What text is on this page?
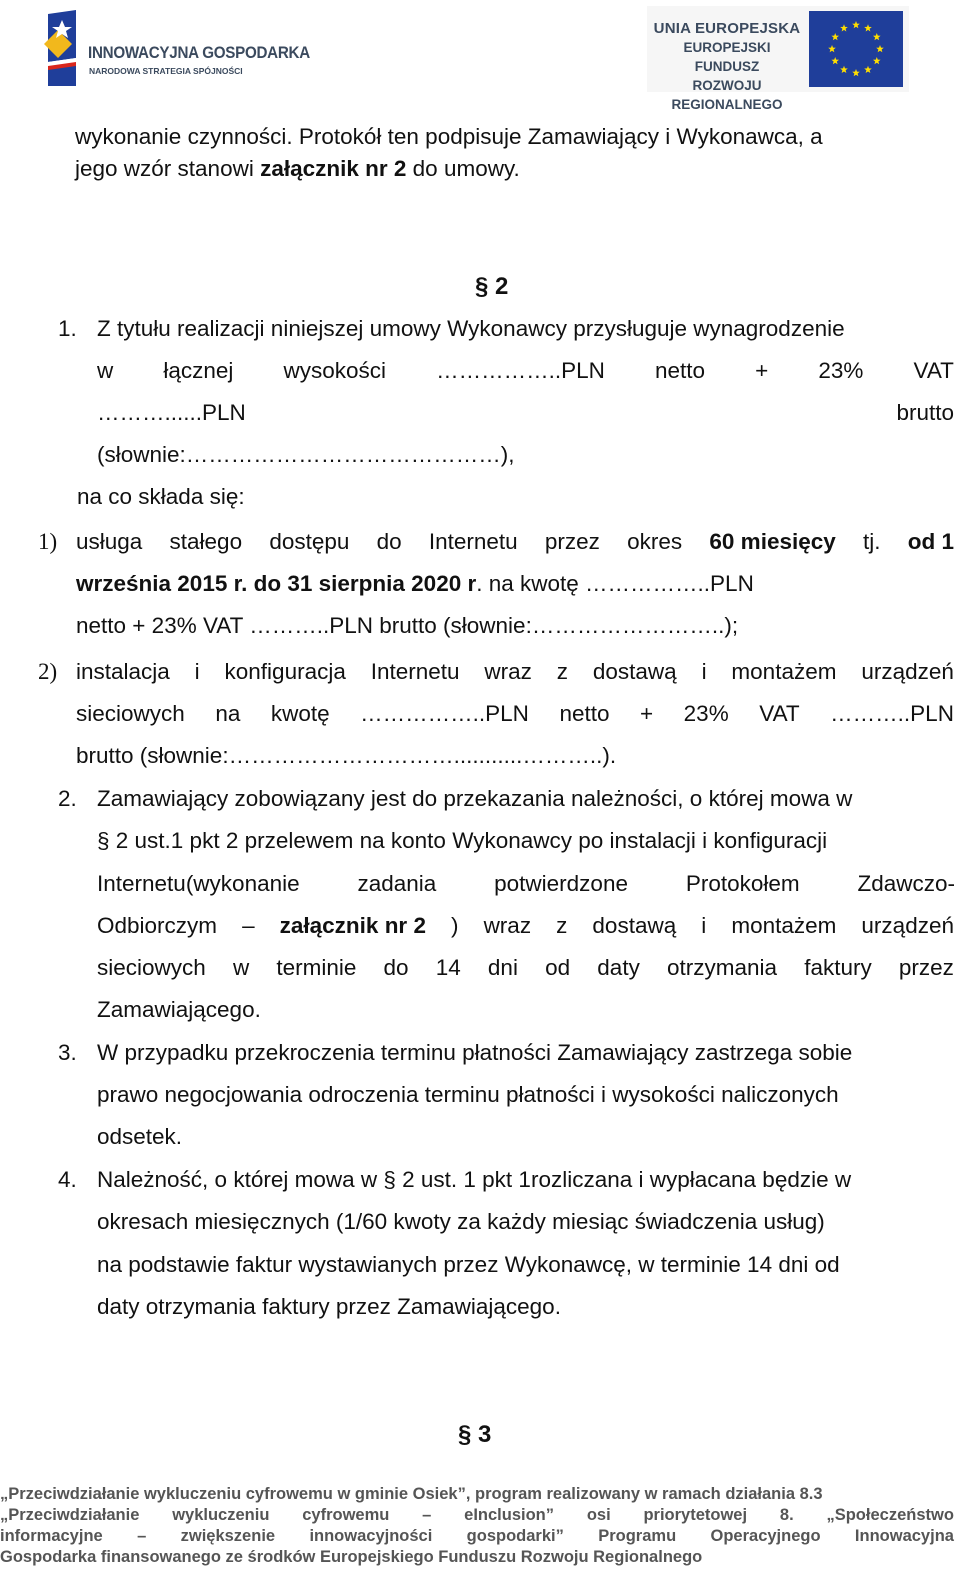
INNOWACYJNA GOSPODARKA
NARODOWA STRATEGIA SPÓJNOŚCI
UNIA EUROPEJSKA
EUROPEJSKI FUNDUSZ
ROZWOJU REGIONALNEGO
wykonanie czynności. Protokół ten podpisuje Zamawiający i Wykonawca, a
jego wzór stanowi załącznik nr 2 do umowy.
§ 2
1. Z tytułu realizacji niniejszej umowy Wykonawcy przysługuje wynagrodzenie
w łącznej wysokości ……………..PLN netto + 23% VAT
………......PLN	brutto
(słownie:……………………………………),
na co składa się:
1) usługa stałego dostępu do Internetu przez okres 60 miesięcy tj. od 1
września 2015 r. do 31 sierpnia 2020 r. na kwotę ……………..PLN
netto + 23% VAT ………..PLN brutto (słownie:……………………..);
2) instalacja i konfiguracja Internetu wraz z dostawą i montażem urządzeń
sieciowych na kwotę ……………..PLN netto + 23% VAT ………..PLN
brutto (słownie:…………………………...........………..).
2. Zamawiający zobowiązany jest do przekazania należności, o której mowa w
§ 2 ust.1 pkt 2 przelewem na konto Wykonawcy po instalacji i konfiguracji
Internetu(wykonanie	zadania	potwierdzone	Protokołem	Zdawczo-
Odbiorczym – załącznik nr 2 ) wraz z dostawą i montażem urządzeń
sieciowych w terminie do 14 dni od daty otrzymania faktury przez
Zamawiającego.
3. W przypadku przekroczenia terminu płatności Zamawiający zastrzega sobie
prawo negocjowania odroczenia terminu płatności i wysokości naliczonych
odsetek.
4. Należność, o której mowa w § 2 ust. 1 pkt 1rozliczana i wypłacana będzie w
okresach miesięcznych (1/60 kwoty za każdy miesiąc świadczenia usług)
na podstawie faktur wystawianych przez Wykonawcę, w terminie 14 dni od
daty otrzymania faktury przez Zamawiającego.
§ 3
„Przeciwdziałanie wykluczeniu cyfrowemu w gminie Osiek”, program realizowany w ramach działania 8.3
„Przeciwdziałanie wykluczeniu cyfrowemu – eInclusion” osi priorytetowej 8. „Społeczeństwo
informacyjne – zwiększenie innowacyjności gospodarki” Programu Operacyjnego Innowacyjna
Gospodarka finansowanego ze środków Europejskiego Funduszu Rozwoju Regionalnego
